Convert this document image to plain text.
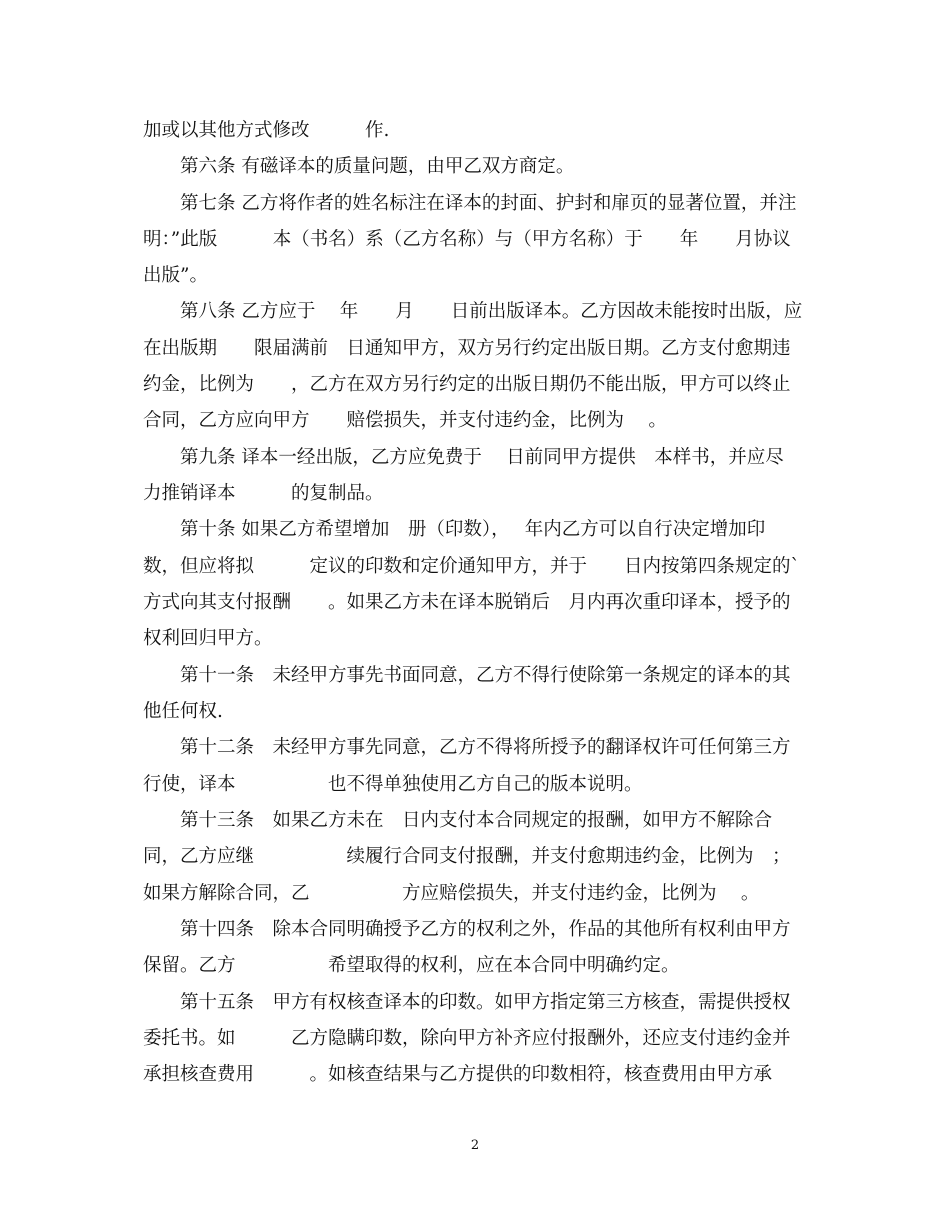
加或以其他方式修改　　　作.
　　第六条 有磁译本的质量问题，由甲乙双方商定。
　　第七条 乙方将作者的姓名标注在译本的封面、护封和扉页的显著位置，并注
明：”此版　　　本（书名）系（乙方名称）与（甲方名称）于　　年　　月协议
出版”。
　　第八条 乙方应于　 年　　月　　日前出版译本。乙方因故未能按时出版，应
在出版期　　限届满前　日通知甲方，双方另行约定出版日期。乙方支付愈期违
约金，比例为　　，乙方在双方另行约定的出版日期仍不能出版，甲方可以终止
合同，乙方应向甲方　　赔偿损失，并支付违约金，比例为　 。
　　第九条 译本一经出版，乙方应免费于　 日前同甲方提供　本样书，并应尽
力推销译本　　　的复制品。
　　第十条 如果乙方希望增加　册（印数），　 年内乙方可以自行决定增加印
数，但应将拟　　　定议的印数和定价通知甲方，并于　　日内按第四条规定的`
方式向其支付报酬　　。如果乙方未在译本脱销后　月内再次重印译本，授予的
权利回归甲方。
　　第十一条　未经甲方事先书面同意，乙方不得行使除第一条规定的译本的其
他任何权.
　　第十二条　未经甲方事先同意，乙方不得将所授予的翻译权许可任何第三方
行使，译本　　　　　也不得单独使用乙方自己的版本说明。
　　第十三条　如果乙方未在　日内支付本合同规定的报酬，如甲方不解除合
同，乙方应继　　　　　续履行合同支付报酬，并支付愈期违约金，比例为　；
如果方解除合同，乙　　　　　方应赔偿损失，并支付违约金，比例为　 。
　　第十四条　除本合同明确授予乙方的权利之外，作品的其他所有权利由甲方
保留。乙方　　　　　希望取得的权利，应在本合同中明确约定。
　　第十五条　甲方有权核查译本的印数。如甲方指定第三方核查，需提供授权
委托书。如　　　乙方隐瞒印数，除向甲方补齐应付报酬外，还应支付违约金并
承担核查费用　　　。如核查结果与乙方提供的印数相符，核查费用由甲方承
2
